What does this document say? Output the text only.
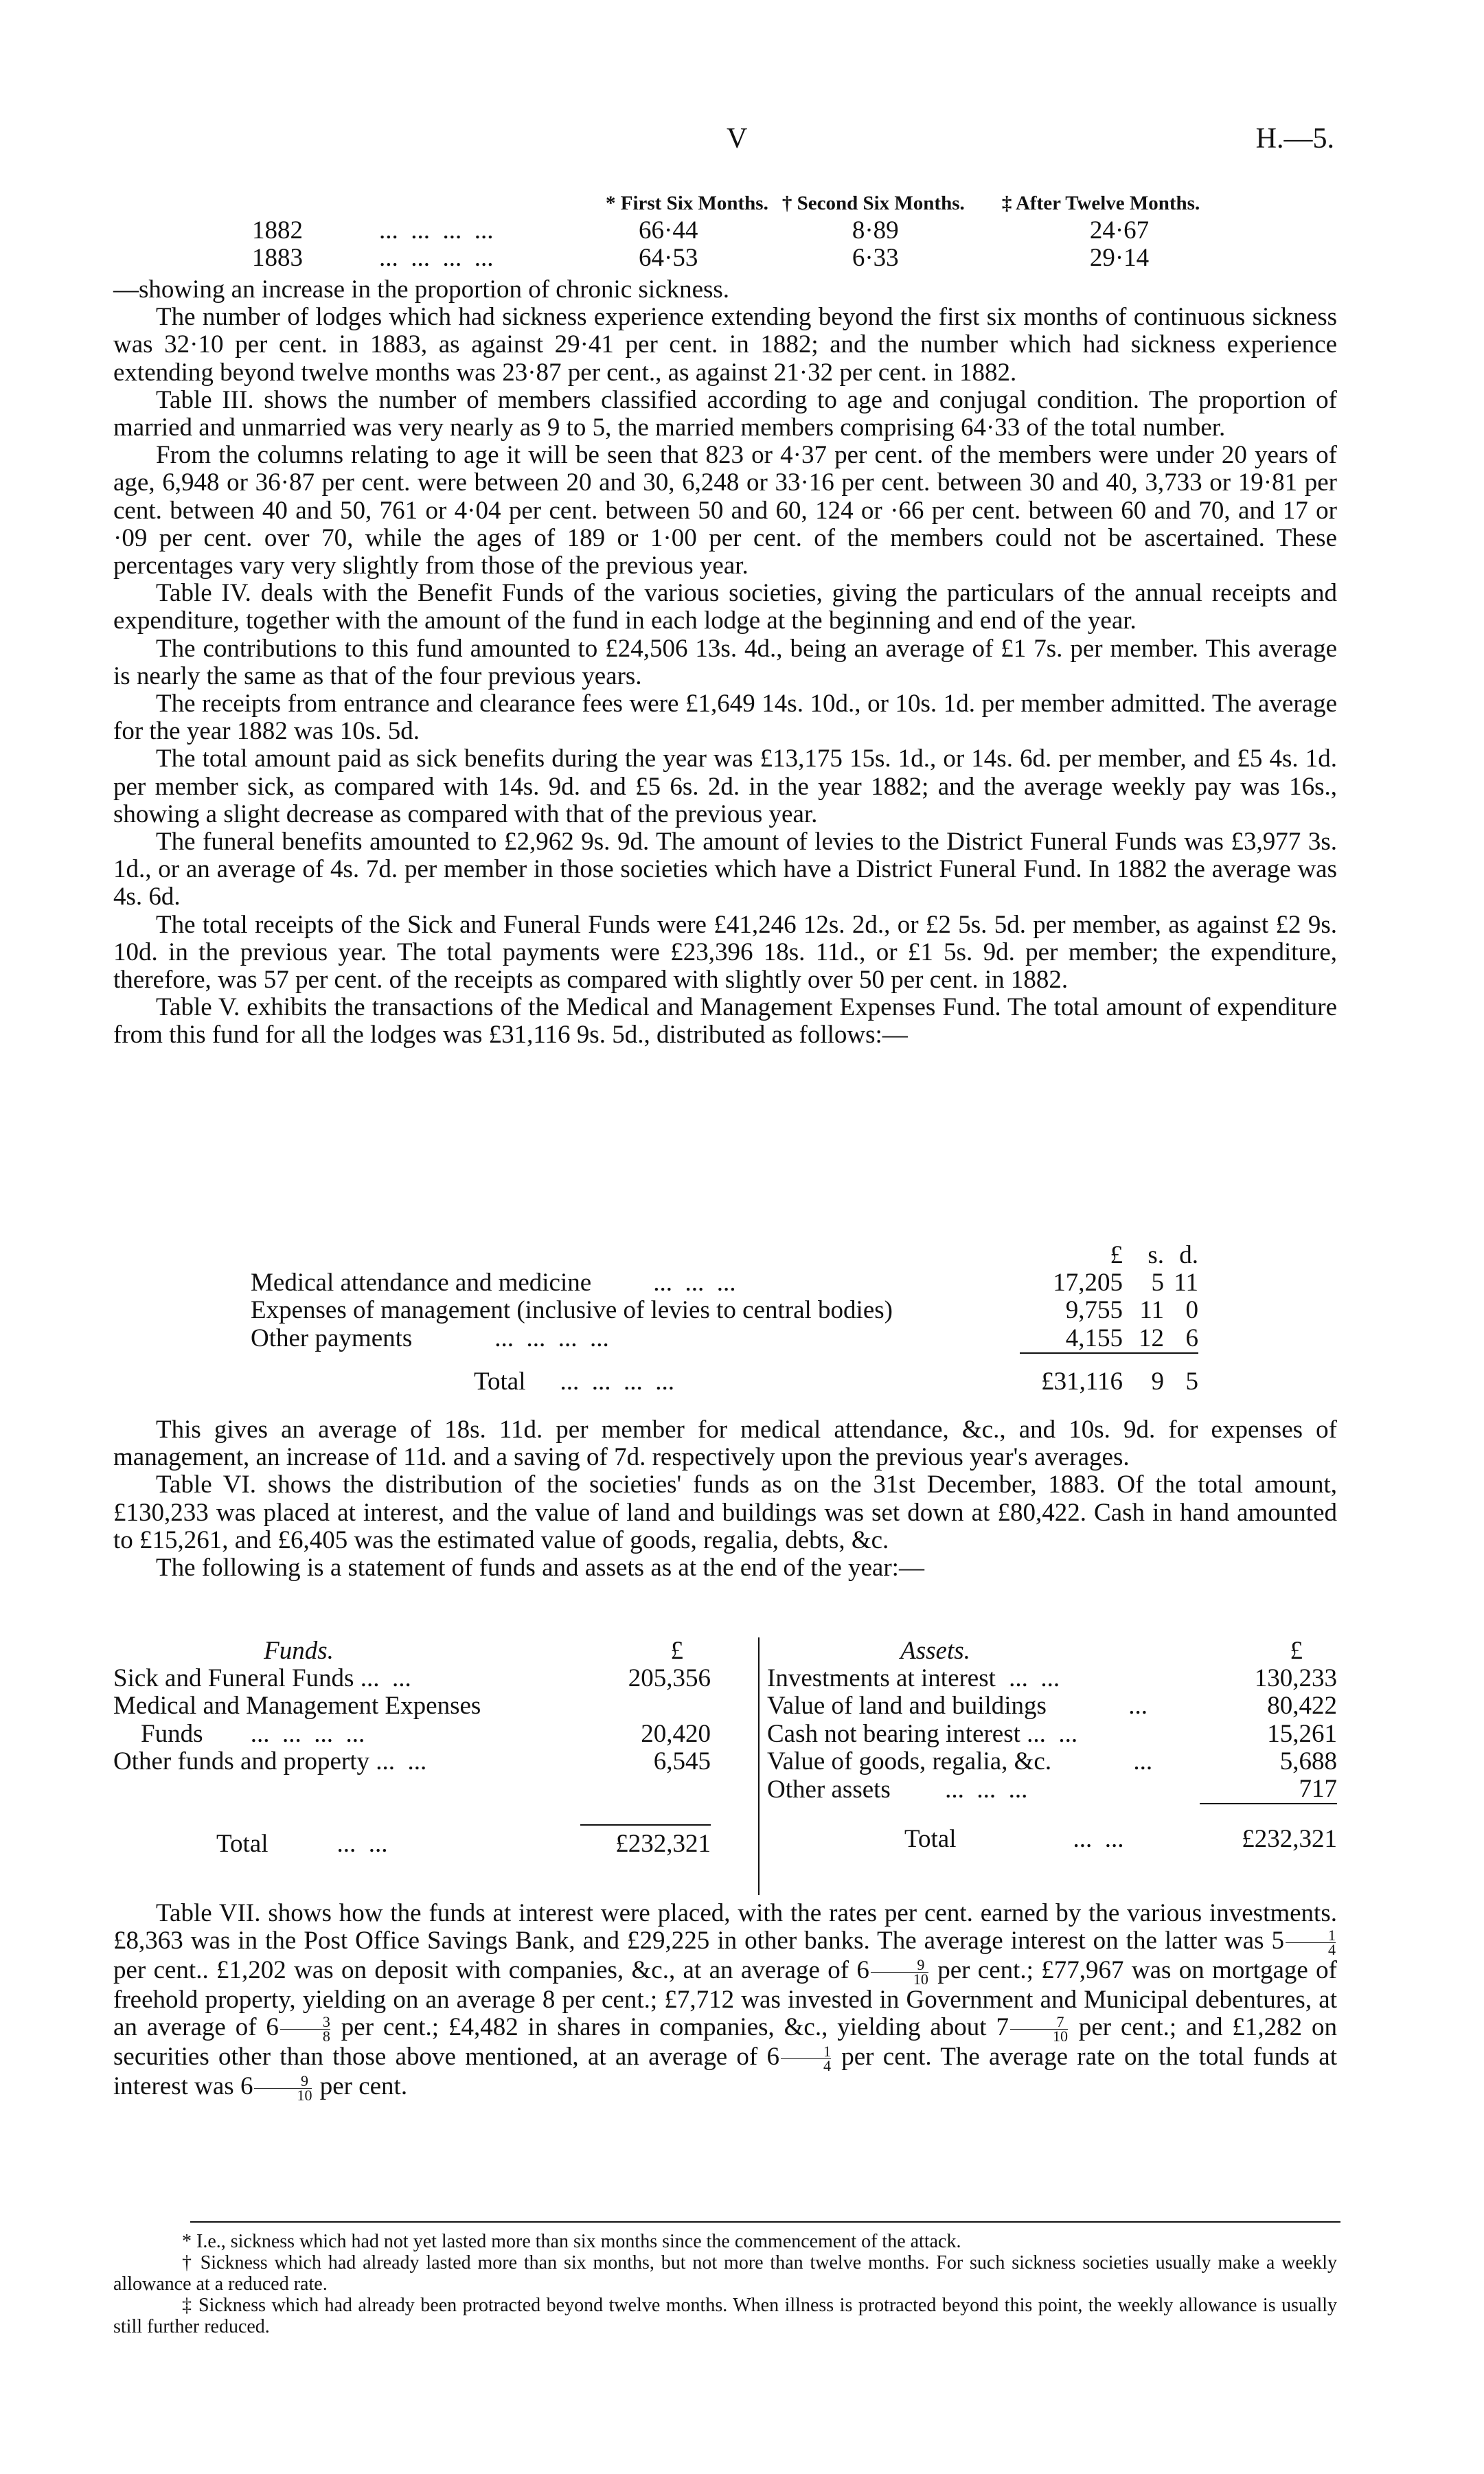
V	H.—5.
		* First Six Months.	† Second Six Months.	‡ After Twelve Months.
1882	...  ...  ...  ...	66·44	8·89	24·67
1883	...  ...  ...  ...	64·53	6·33	29·14

—showing an increase in the proportion of chronic sickness.

The number of lodges which had sickness experience extending beyond the first six months of continuous sickness was 32·10 per cent. in 1883, as against 29·41 per cent. in 1882; and the number which had sickness experience extending beyond twelve months was 23·87 per cent., as against 21·32 per cent. in 1882.

Table III. shows the number of members classified according to age and conjugal condition. The proportion of married and unmarried was very nearly as 9 to 5, the married members comprising 64·33 of the total number.

From the columns relating to age it will be seen that 823 or 4·37 per cent. of the members were under 20 years of age, 6,948 or 36·87 per cent. were between 20 and 30, 6,248 or 33·16 per cent. between 30 and 40, 3,733 or 19·81 per cent. between 40 and 50, 761 or 4·04 per cent. between 50 and 60, 124 or ·66 per cent. between 60 and 70, and 17 or ·09 per cent. over 70, while the ages of 189 or 1·00 per cent. of the members could not be ascertained. These percentages vary very slightly from those of the previous year.

Table IV. deals with the Benefit Funds of the various societies, giving the particulars of the annual receipts and expenditure, together with the amount of the fund in each lodge at the beginning and end of the year.

The contributions to this fund amounted to £24,506 13s. 4d., being an average of £1 7s. per member. This average is nearly the same as that of the four previous years.

The receipts from entrance and clearance fees were £1,649 14s. 10d., or 10s. 1d. per member admitted. The average for the year 1882 was 10s. 5d.

The total amount paid as sick benefits during the year was £13,175 15s. 1d., or 14s. 6d. per member, and £5 4s. 1d. per member sick, as compared with 14s. 9d. and £5 6s. 2d. in the year 1882; and the average weekly pay was 16s., showing a slight decrease as compared with that of the previous year.

The funeral benefits amounted to £2,962 9s. 9d. The amount of levies to the District Funeral Funds was £3,977 3s. 1d., or an average of 4s. 7d. per member in those societies which have a District Funeral Fund. In 1882 the average was 4s. 6d.

The total receipts of the Sick and Funeral Funds were £41,246 12s. 2d., or £2 5s. 5d. per member, as against £2 9s. 10d. in the previous year. The total payments were £23,396 18s. 11d., or £1 5s. 9d. per member; the expenditure, therefore, was 57 per cent. of the receipts as compared with slightly over 50 per cent. in 1882.

Table V. exhibits the transactions of the Medical and Management Expenses Fund. The total amount of expenditure from this fund for all the lodges was £31,116 9s. 5d., distributed as follows:—

	£	s.	d.
Medical attendance and medicine ...  ...  ...	17,205	5	11
Expenses of management (inclusive of levies to central bodies)	9,755	11	0
Other payments ...  ...  ...  ...	4,155	12	6

Total ...  ...  ...  ...	£31,116	9	5

This gives an average of 18s. 11d. per member for medical attendance, &c., and 10s. 9d. for expenses of management, an increase of 11d. and a saving of 7d. respectively upon the previous year's averages.

Table VI. shows the distribution of the societies' funds as on the 31st December, 1883. Of the total amount, £130,233 was placed at interest, and the value of land and buildings was set down at £80,422. Cash in hand amounted to £15,261, and £6,405 was the estimated value of goods, regalia, debts, &c.

The following is a statement of funds and assets as at the end of the year:—

Funds.	£
Sick and Funeral Funds ...  ...	205,356
Medical and Management Expenses	
Funds ...  ...  ...  ...	20,420
Other funds and property ...  ...	6,545

Total ...  ...	£232,321
Assets.	£
Investments at interest ...  ...	130,233
Value of land and buildings ...	80,422
Cash not bearing interest ...  ...	15,261
Value of goods, regalia, &c. ...	5,688
Other assets ...  ...  ...	717

Total ...  ...	£232,321

Table VII. shows how the funds at interest were placed, with the rates per cent. earned by the various investments. £8,363 was in the Post Office Savings Bank, and £29,225 in other banks. The average interest on the latter was $5 \frac{1}{4}$
per cent.. £1,202 was on deposit with companies, &c., at an average of $6 \frac{9}{10}$ per cent.; £77,967 was on mortgage of freehold property, yielding on an average 8 per cent.; £7,712 was invested in Government and Municipal debentures, at an average of $6 \frac{3}{8}$ per cent.; £4,482 in shares in companies, &c., yielding about $7 \frac{7}{10}$ per cent.; and £1,282 on securities other than those above mentioned, at an average of $6 \frac{1}{4}$ per cent. The average rate on the total funds at interest was $6 \frac{9}{10}$ per cent.

* I.e., sickness which had not yet lasted more than six months since the commencement of the attack.

† Sickness which had already lasted more than six months, but not more than twelve months. For such sickness societies usually make a weekly allowance at a reduced rate.

‡ Sickness which had already been protracted beyond twelve months. When illness is protracted beyond this point, the weekly allowance is usually still further reduced.
